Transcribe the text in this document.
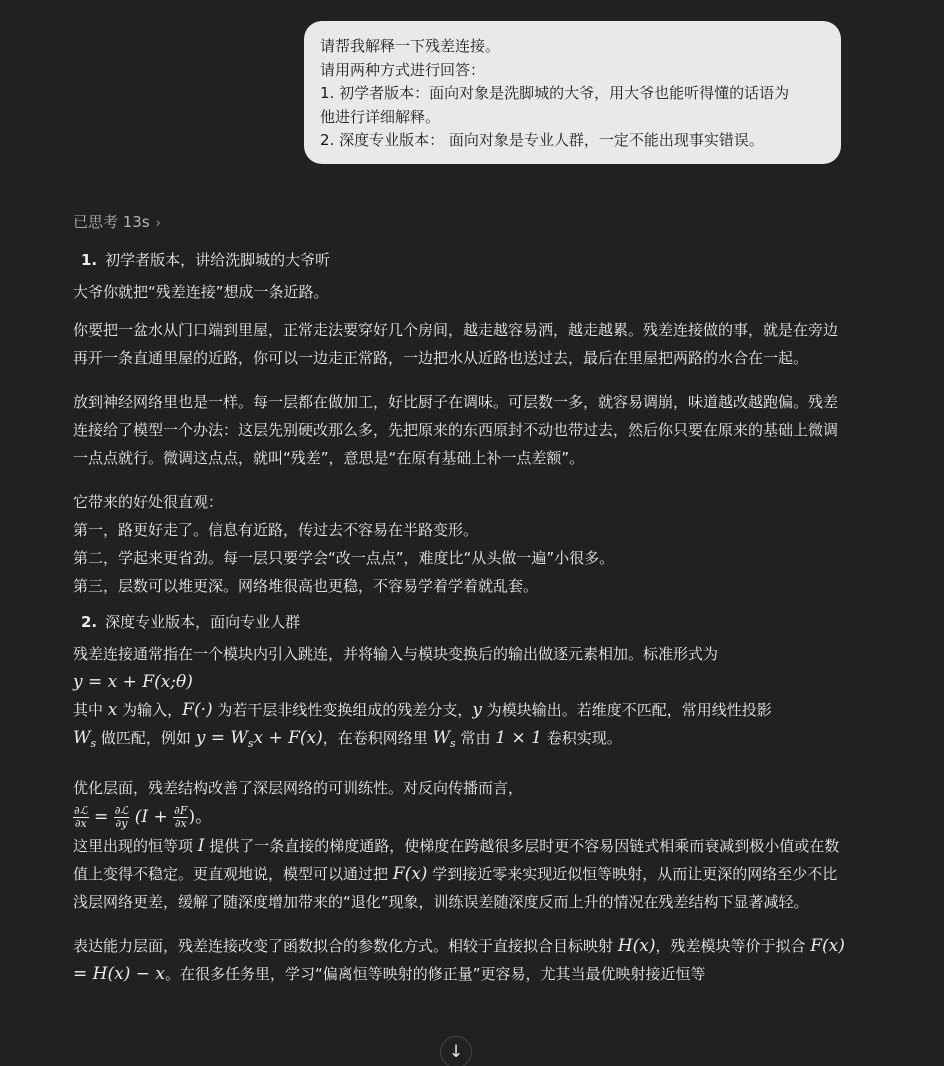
请帮我解释一下残差连接。
请用两种方式进行回答：
1. 初学者版本：面向对象是洗脚城的大爷，用大爷也能听得懂的话语为
他进行详细解释。
2. 深度专业版本： 面向对象是专业人群，一定不能出现事实错误。
已思考 13s ›
1. 初学者版本，讲给洗脚城的大爷听

大爷你就把“残差连接”想成一条近路。

你要把一盆水从门口端到里屋，正常走法要穿好几个房间，越走越容易洒，越走越累。残差连接做的事，就是在旁边再开一条直通里屋的近路，你可以一边走正常路，一边把水从近路也送过去，最后在里屋把两路的水合在一起。

放到神经网络里也是一样。每一层都在做加工，好比厨子在调味。可层数一多，就容易调崩，味道越改越跑偏。残差连接给了模型一个办法：这层先别硬改那么多，先把原来的东西原封不动也带过去，然后你只要在原来的基础上微调一点点就行。微调这点点，就叫“残差”，意思是“在原有基础上补一点差额”。

它带来的好处很直观：
第一，路更好走了。信息有近路，传过去不容易在半路变形。
第二，学起来更省劲。每一层只要学会“改一点点”，难度比“从头做一遍”小很多。
第三，层数可以堆更深。网络堆很高也更稳，不容易学着学着就乱套。

2. 深度专业版本，面向专业人群

残差连接通常指在一个模块内引入跳连，并将输入与模块变换后的输出做逐元素相加。标准形式为
y = x + F(x;θ)
其中 x 为输入，F(·) 为若干层非线性变换组成的残差分支，y 为模块输出。若维度不匹配，常用线性投影
$W_s$ 做匹配，例如 $y = W_sx + F(x)$，在卷积网络里 $W_s$ 常由 1 × 1 卷积实现。

优化层面，残差结构改善了深层网络的可训练性。对反向传播而言，

$\frac{\text{∂ℒ}}{\partial x} = \frac{\text{∂ℒ}}{\partial y} (I + \frac{\partial F}{\partial x}$ )。
这里出现的恒等项 I 提供了一条直接的梯度通路，使梯度在跨越很多层时更不容易因链式相乘而衰减到极小值或在数值上变得不稳定。更直观地说，模型可以通过把 F(x) 学到接近零来实现近似恒等映射，从而让更深的网络至少不比浅层网络更差，缓解了随深度增加带来的“退化”现象，训练误差随深度反而上升的情况在残差结构下显著减轻。

表达能力层面，残差连接改变了函数拟合的参数化方式。相较于直接拟合目标映射 H(x)，残差模块等价于拟合 F(x) = H(x) − x。在很多任务里，学习“偏离恒等映射的修正量”更容易，尤其当最优映射接近恒等

↓
